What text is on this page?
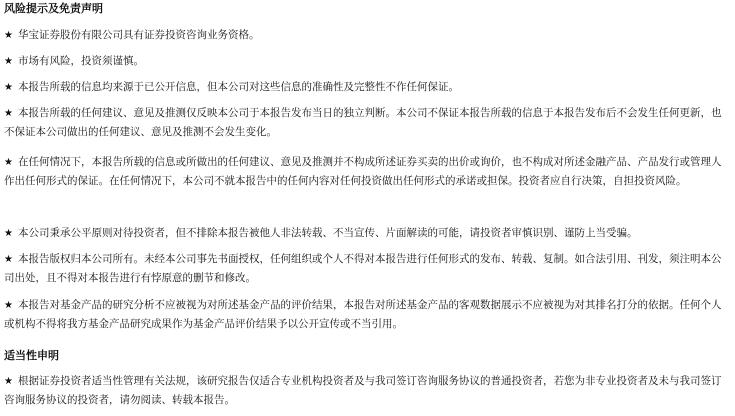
风险提示及免责声明

★ 华宝证券股份有限公司具有证券投资咨询业务资格。

★ 市场有风险，投资须谨慎。

★ 本报告所载的信息均来源于已公开信息，但本公司对这些信息的准确性及完整性不作任何保证。

★ 本报告所载的任何建议、意见及推测仅反映本公司于本报告发布当日的独立判断。本公司不保证本报告所载的信息于本报告发布后不会发生任何更新，也不保证本公司做出的任何建议、意见及推测不会发生变化。

★ 在任何情况下，本报告所载的信息或所做出的任何建议、意见及推测并不构成所述证券买卖的出价或询价，也不构成对所述金融产品、产品发行或管理人作出任何形式的保证。在任何情况下，本公司不就本报告中的任何内容对任何投资做出任何形式的承诺或担保。投资者应自行决策，自担投资风险。

★ 本公司秉承公平原则对待投资者，但不排除本报告被他人非法转载、不当宣传、片面解读的可能，请投资者审慎识别、谨防上当受骗。

★ 本报告版权归本公司所有。未经本公司事先书面授权，任何组织或个人不得对本报告进行任何形式的发布、转载、复制。如合法引用、刊发，须注明本公司出处，且不得对本报告进行有悖原意的删节和修改。

★ 本报告对基金产品的研究分析不应被视为对所述基金产品的评价结果，本报告对所述基金产品的客观数据展示不应被视为对其排名打分的依据。任何个人或机构不得将我方基金产品研究成果作为基金产品评价结果予以公开宣传或不当引用。

适当性申明

★ 根据证券投资者适当性管理有关法规，该研究报告仅适合专业机构投资者及与我司签订咨询服务协议的普通投资者，若您为非专业投资者及未与我司签订咨询服务协议的投资者，请勿阅读、转载本报告。
